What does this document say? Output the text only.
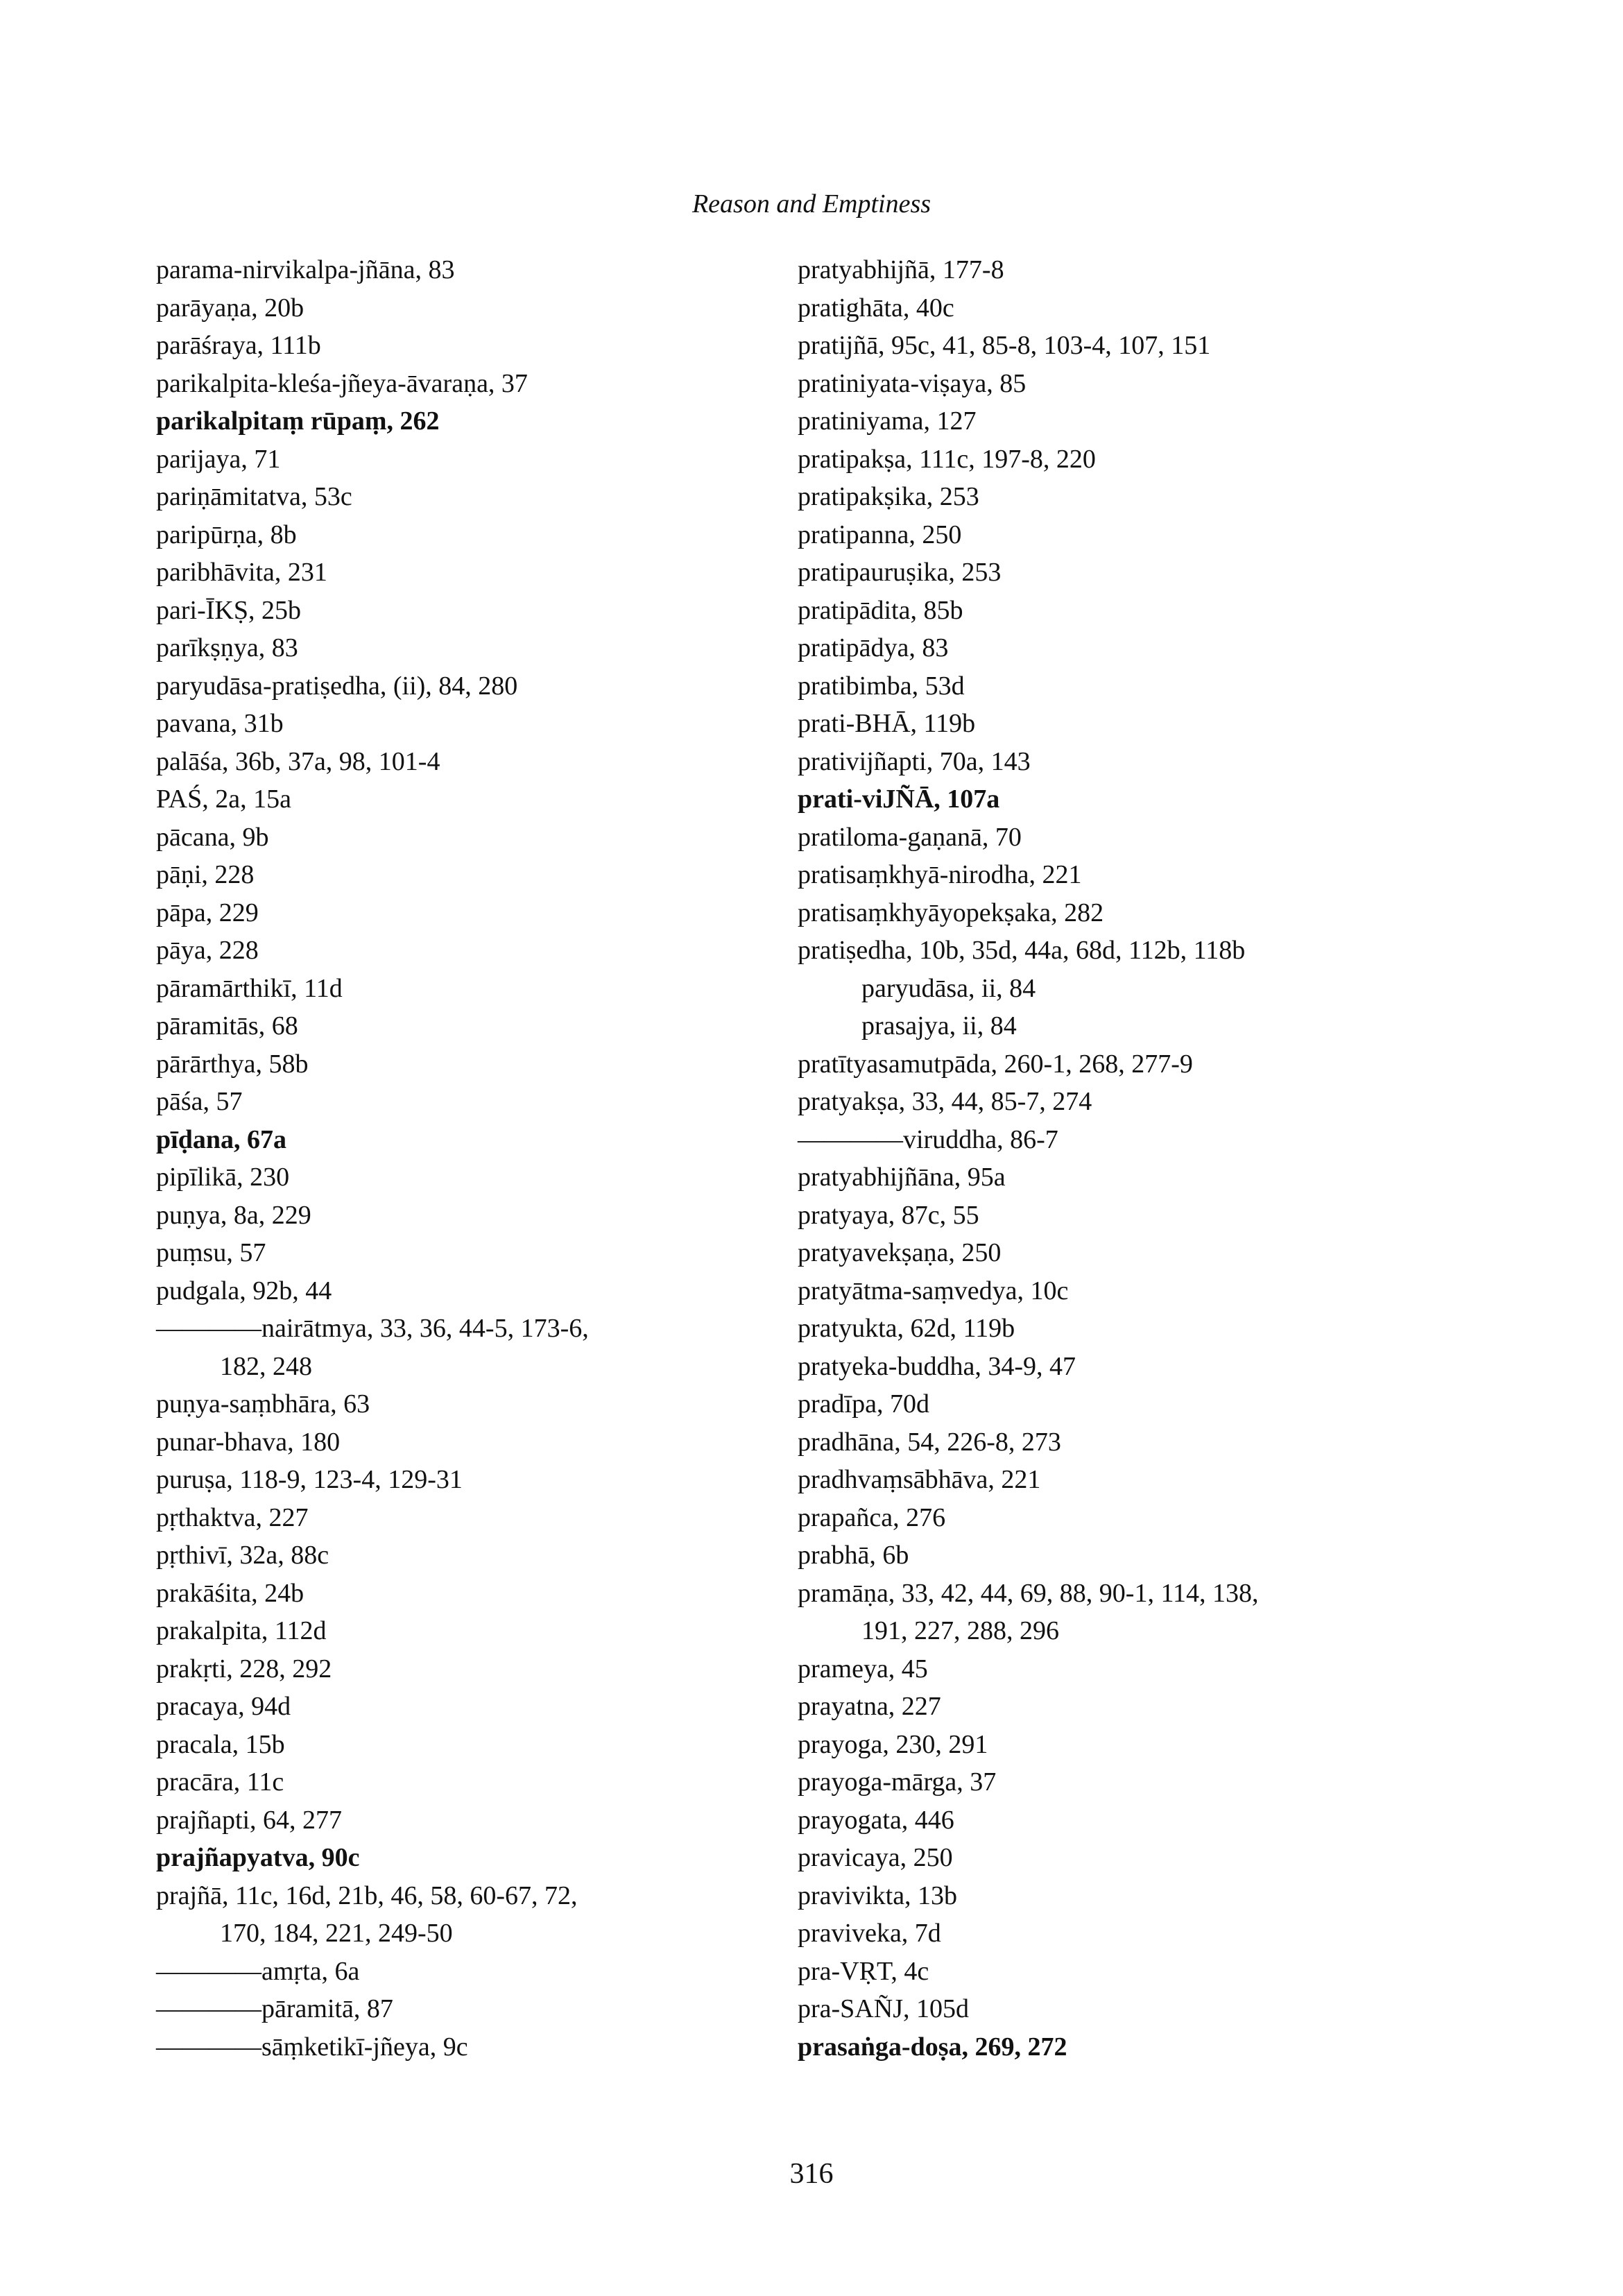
Reason and Emptiness
parama-nirvikalpa-jñāna, 83
parāyaṇa, 20b
parāśraya, 111b
parikalpita-kleśa-jñeya-āvaraṇa, 37
parikalpitaṃ rūpaṃ, 262
parijaya, 71
pariṇāmitatva, 53c
paripūrṇa, 8b
paribhāvita, 231
pari-ĪKṢ, 25b
parīkṣṇya, 83
paryudāsa-pratiṣedha, (ii), 84, 280
pavana, 31b
palāśa, 36b, 37a, 98, 101-4
PAŚ, 2a, 15a
pācana, 9b
pāṇi, 228
pāpa, 229
pāya, 228
pāramārthikī, 11d
pāramitās, 68
pārārthya, 58b
pāśa, 57
pīḍana, 67a
pipīlikā, 230
puṇya, 8a, 229
puṃsu, 57
pudgala, 92b, 44
————nairātmya, 33, 36, 44-5, 173-6,
182, 248
puṇya-saṃbhāra, 63
punar-bhava, 180
puruṣa, 118-9, 123-4, 129-31
pṛthaktva, 227
pṛthivī, 32a, 88c
prakāśita, 24b
prakalpita, 112d
prakṛti, 228, 292
pracaya, 94d
pracala, 15b
pracāra, 11c
prajñapti, 64, 277
prajñapyatva, 90c
prajñā, 11c, 16d, 21b, 46, 58, 60-67, 72,
170, 184, 221, 249-50
————amṛta, 6a
————pāramitā, 87
————sāṃketikī-jñeya, 9c
pratyabhijñā, 177-8
pratighāta, 40c
pratijñā, 95c, 41, 85-8, 103-4, 107, 151
pratiniyata-viṣaya, 85
pratiniyama, 127
pratipakṣa, 111c, 197-8, 220
pratipakṣika, 253
pratipanna, 250
pratipauruṣika, 253
pratipādita, 85b
pratipādya, 83
pratibimba, 53d
prati-BHĀ, 119b
prativijñapti, 70a, 143
prati-viJÑĀ, 107a
pratiloma-gaṇanā, 70
pratisaṃkhyā-nirodha, 221
pratisaṃkhyāyopekṣaka, 282
pratiṣedha, 10b, 35d, 44a, 68d, 112b, 118b
paryudāsa, ii, 84
prasajya, ii, 84
pratītyasamutpāda, 260-1, 268, 277-9
pratyakṣa, 33, 44, 85-7, 274
————viruddha, 86-7
pratyabhijñāna, 95a
pratyaya, 87c, 55
pratyavekṣaṇa, 250
pratyātma-saṃvedya, 10c
pratyukta, 62d, 119b
pratyeka-buddha, 34-9, 47
pradīpa, 70d
pradhāna, 54, 226-8, 273
pradhvaṃsābhāva, 221
prapañca, 276
prabhā, 6b
pramāṇa, 33, 42, 44, 69, 88, 90-1, 114, 138,
191, 227, 288, 296
prameya, 45
prayatna, 227
prayoga, 230, 291
prayoga-mārga, 37
prayogata, 446
pravicaya, 250
pravivikta, 13b
praviveka, 7d
pra-VṚT, 4c
pra-SAÑJ, 105d
prasaṅga-doṣa, 269, 272
316
